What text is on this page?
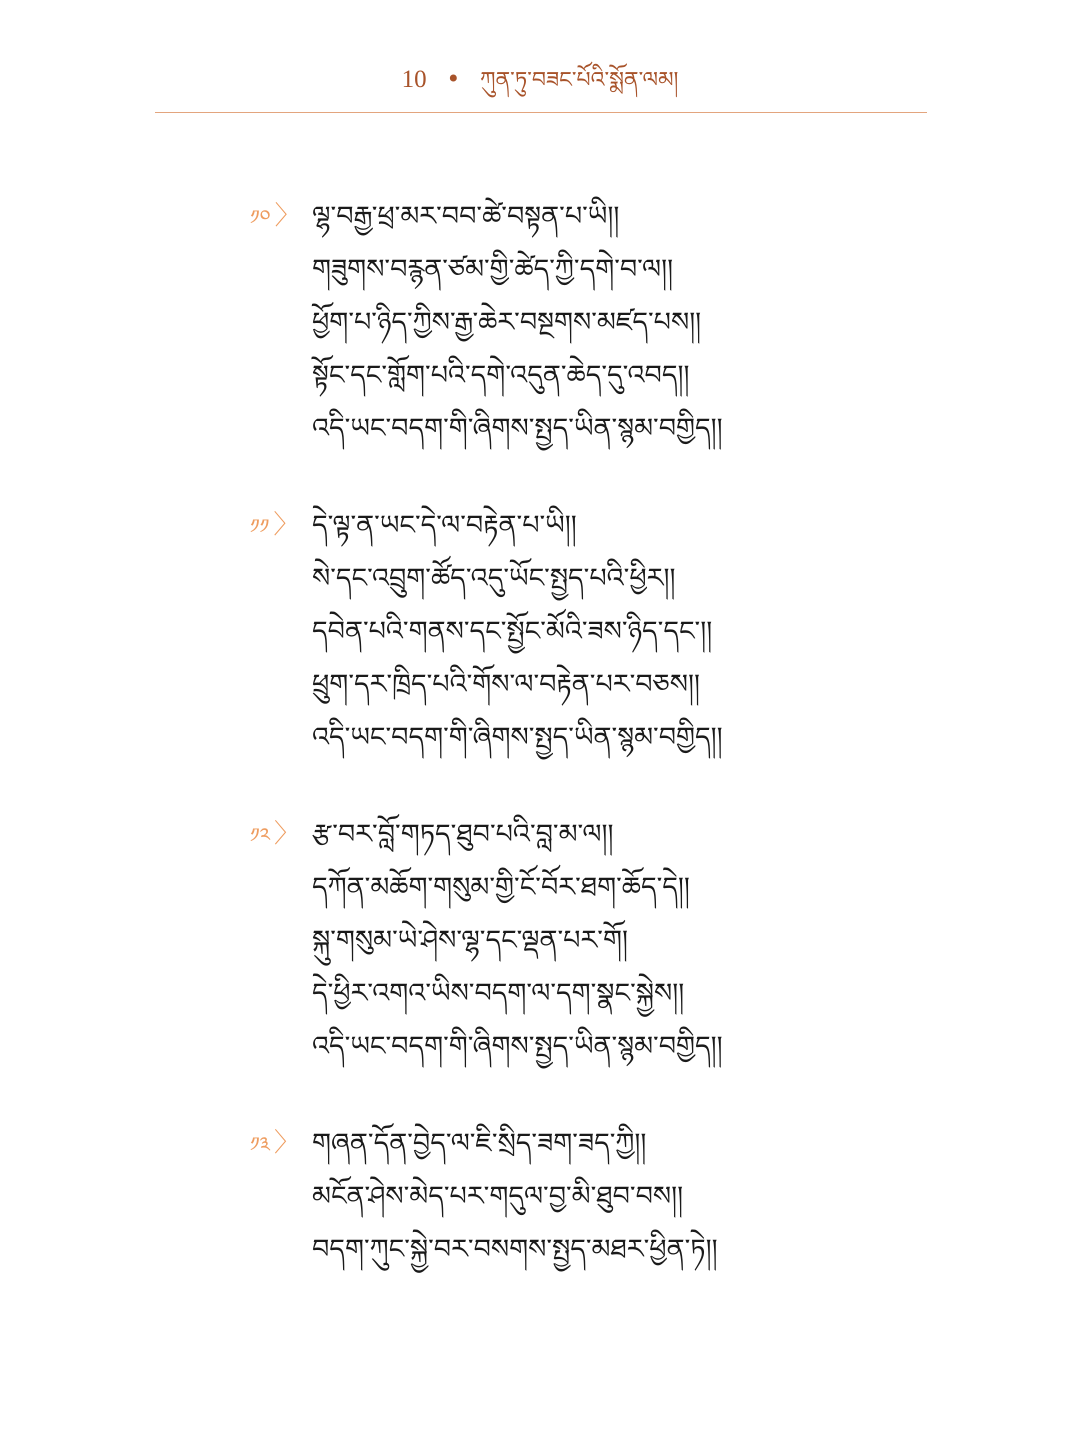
10 • ཀུན་ཏུ་བཟང་པོའི་སྨོན་ལམ།
༡༠ 〉 ལྷ་བརྒྱ་ཕྲ་མར་བབ་ཚེ་བསྟན་པ་ཡི།།
གཟུགས་བརྙན་ཙམ་གྱི་ཚེད་ཀྱི་དགེ་བ་ལ།།
ཕྱོག་པ་ཉིད་ཀྱིས་རྒྱ་ཆེར་བསྔགས་མཛད་པས།།
སྟོང་དང་གློག་པའི་དགེ་འདུན་ཆེད་དུ་འབད།།
འདི་ཡང་བདག་གི་ཞིགས་སྤྱད་ཡིན་སྙམ་བགྱིད།།
༡༡ 〉 དེ་ལྟ་ན་ཡང་དེ་ལ་བརྟེན་པ་ཡི།།
སེ་དང་འབྲུག་ཚོད་འདུ་ཡོང་སྤྱད་པའི་ཕྱིར།།
དབེན་པའི་གནས་དང་སྤྱོང་མོའི་ཟས་ཉིད་དང་།།
ཕྲུག་དར་ཁྲིད་པའི་གོས་ལ་བརྟེན་པར་བཅས།།
འདི་ཡང་བདག་གི་ཞིགས་སྤྱད་ཡིན་སྙམ་བགྱིད།།
༡༢ 〉 རྩ་བར་བློ་གཏད་ཐུབ་པའི་བླ་མ་ལ།།
དཀོན་མཆོག་གསུམ་གྱི་ངོ་བོར་ཐག་ཆོད་དེ།།
སྐུ་གསུམ་ཡེ་ཤེས་ལྷ་དང་ལྡན་པར་གོ།
དེ་ཕྱིར་འགའ་ཡིས་བདག་ལ་དག་སྣང་སྐྱེས།།
འདི་ཡང་བདག་གི་ཞིགས་སྤྱད་ཡིན་སྙམ་བགྱིད།།
༡༣ 〉 གཞན་དོན་བྱེད་ལ་ཇི་སྲིད་ཟག་ཟད་ཀྱི།།
མངོན་ཤེས་མེད་པར་གདུལ་བྱ་མི་ཐུབ་བས།།
བདག་ཀུང་སྐྱེ་བར་བསགས་སྤྱད་མཐར་ཕྱིན་ཏེ།།
